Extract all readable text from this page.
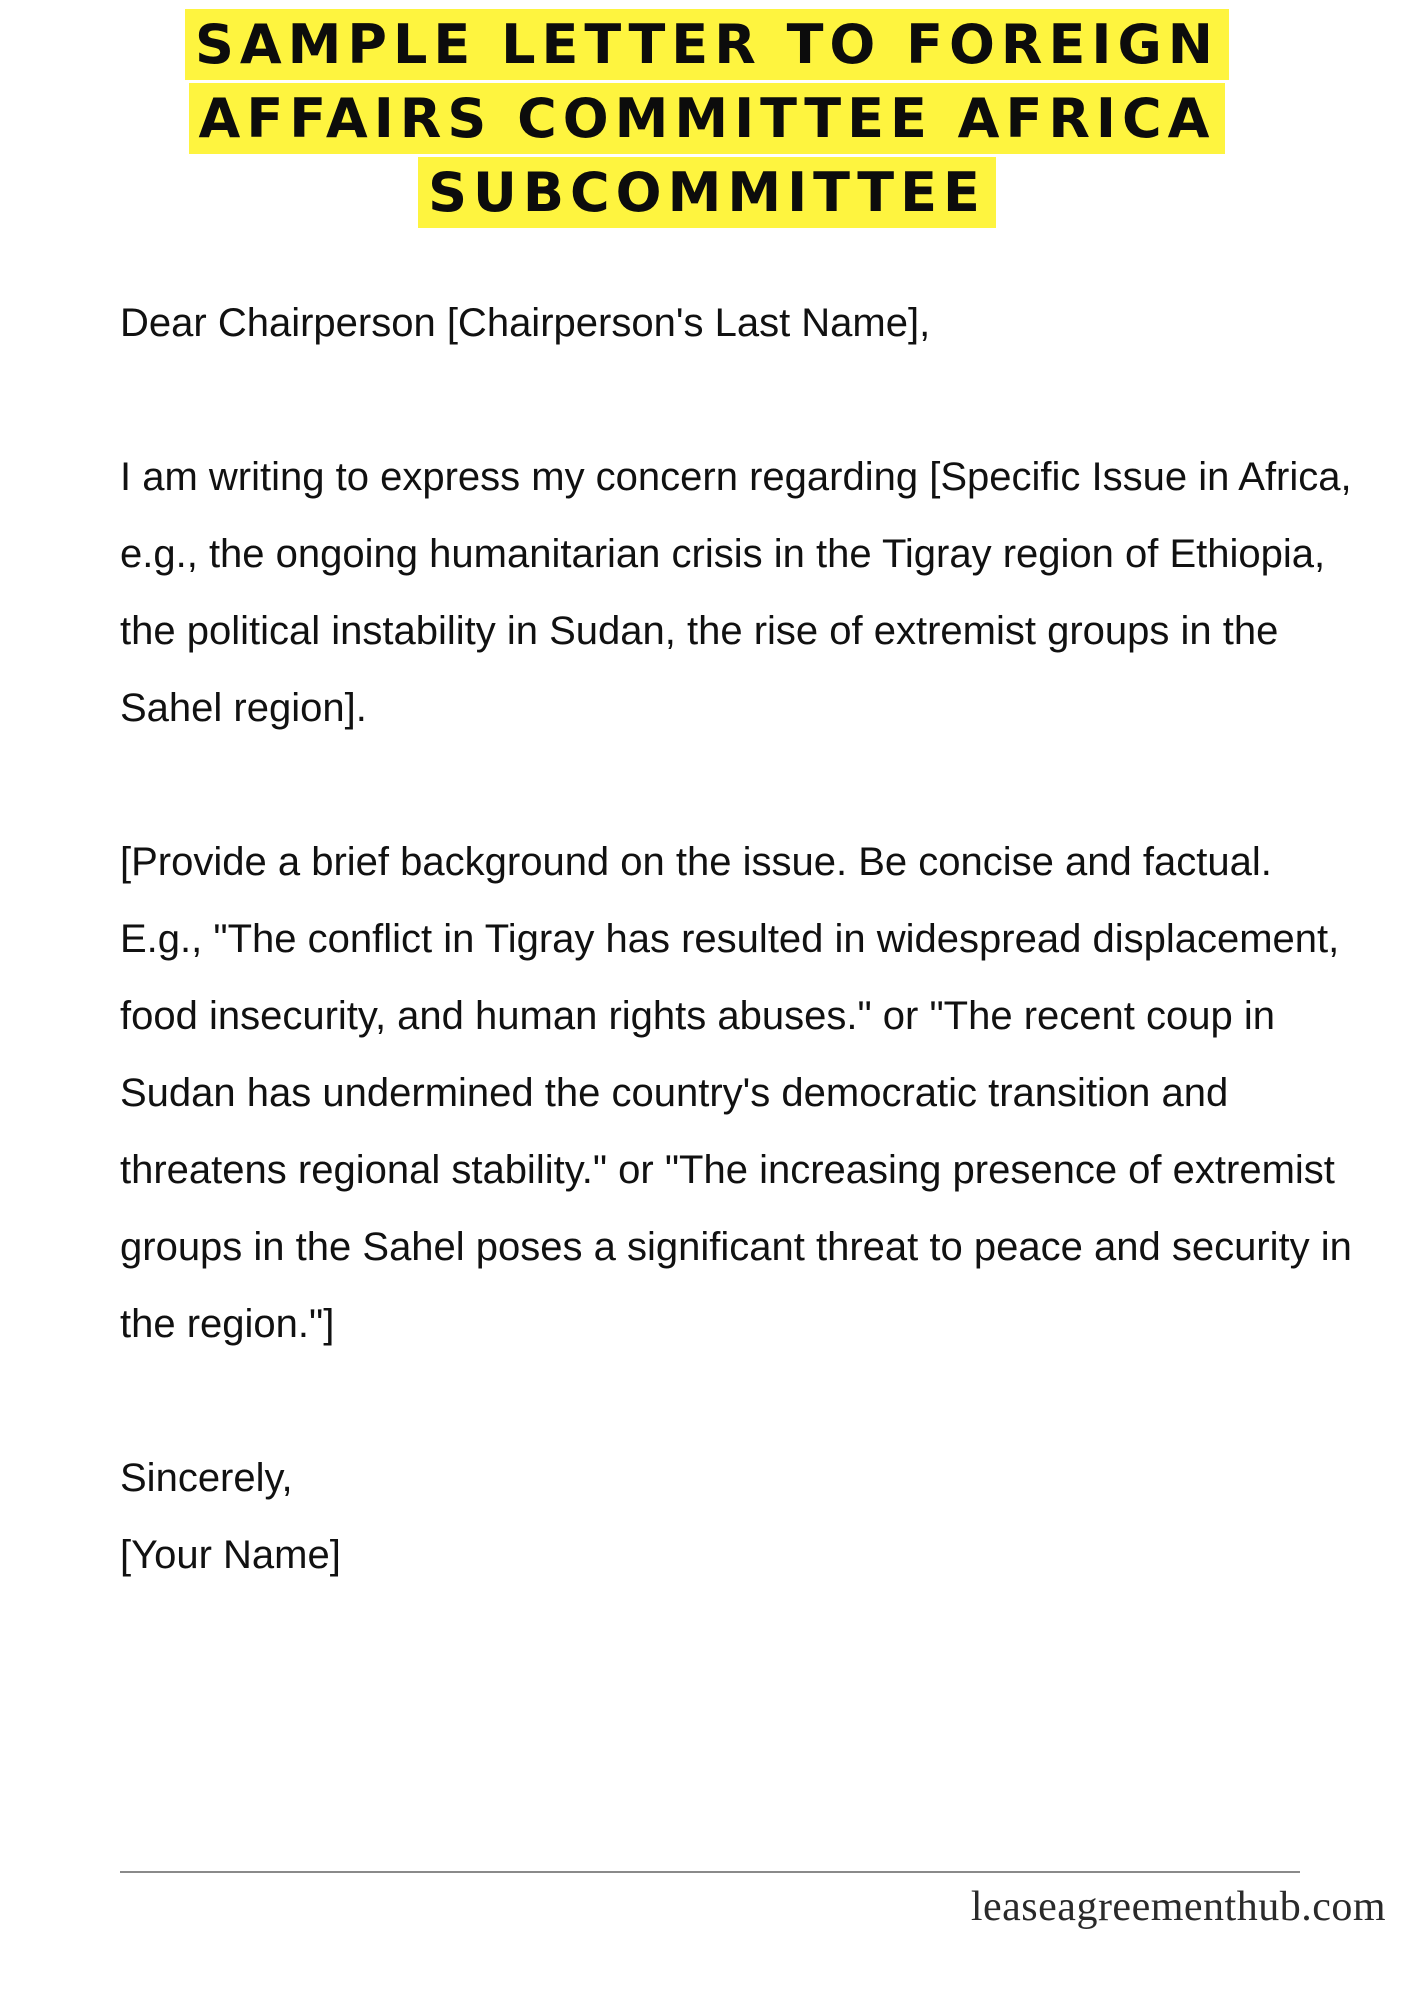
SAMPLE LETTER TO FOREIGN
AFFAIRS COMMITTEE AFRICA
SUBCOMMITTEE

Dear Chairperson [Chairperson's Last Name],

I am writing to express my concern regarding [Specific Issue in Africa, e.g., the ongoing humanitarian crisis in the Tigray region of Ethiopia, the political instability in Sudan, the rise of extremist groups in the Sahel region].

[Provide a brief background on the issue. Be concise and factual. E.g., "The conflict in Tigray has resulted in widespread displacement, food insecurity, and human rights abuses." or "The recent coup in Sudan has undermined the country's democratic transition and threatens regional stability." or "The increasing presence of extremist groups in the Sahel poses a significant threat to peace and security in the region."]

Sincerely,

[Your Name]

leaseagreementhub.com
